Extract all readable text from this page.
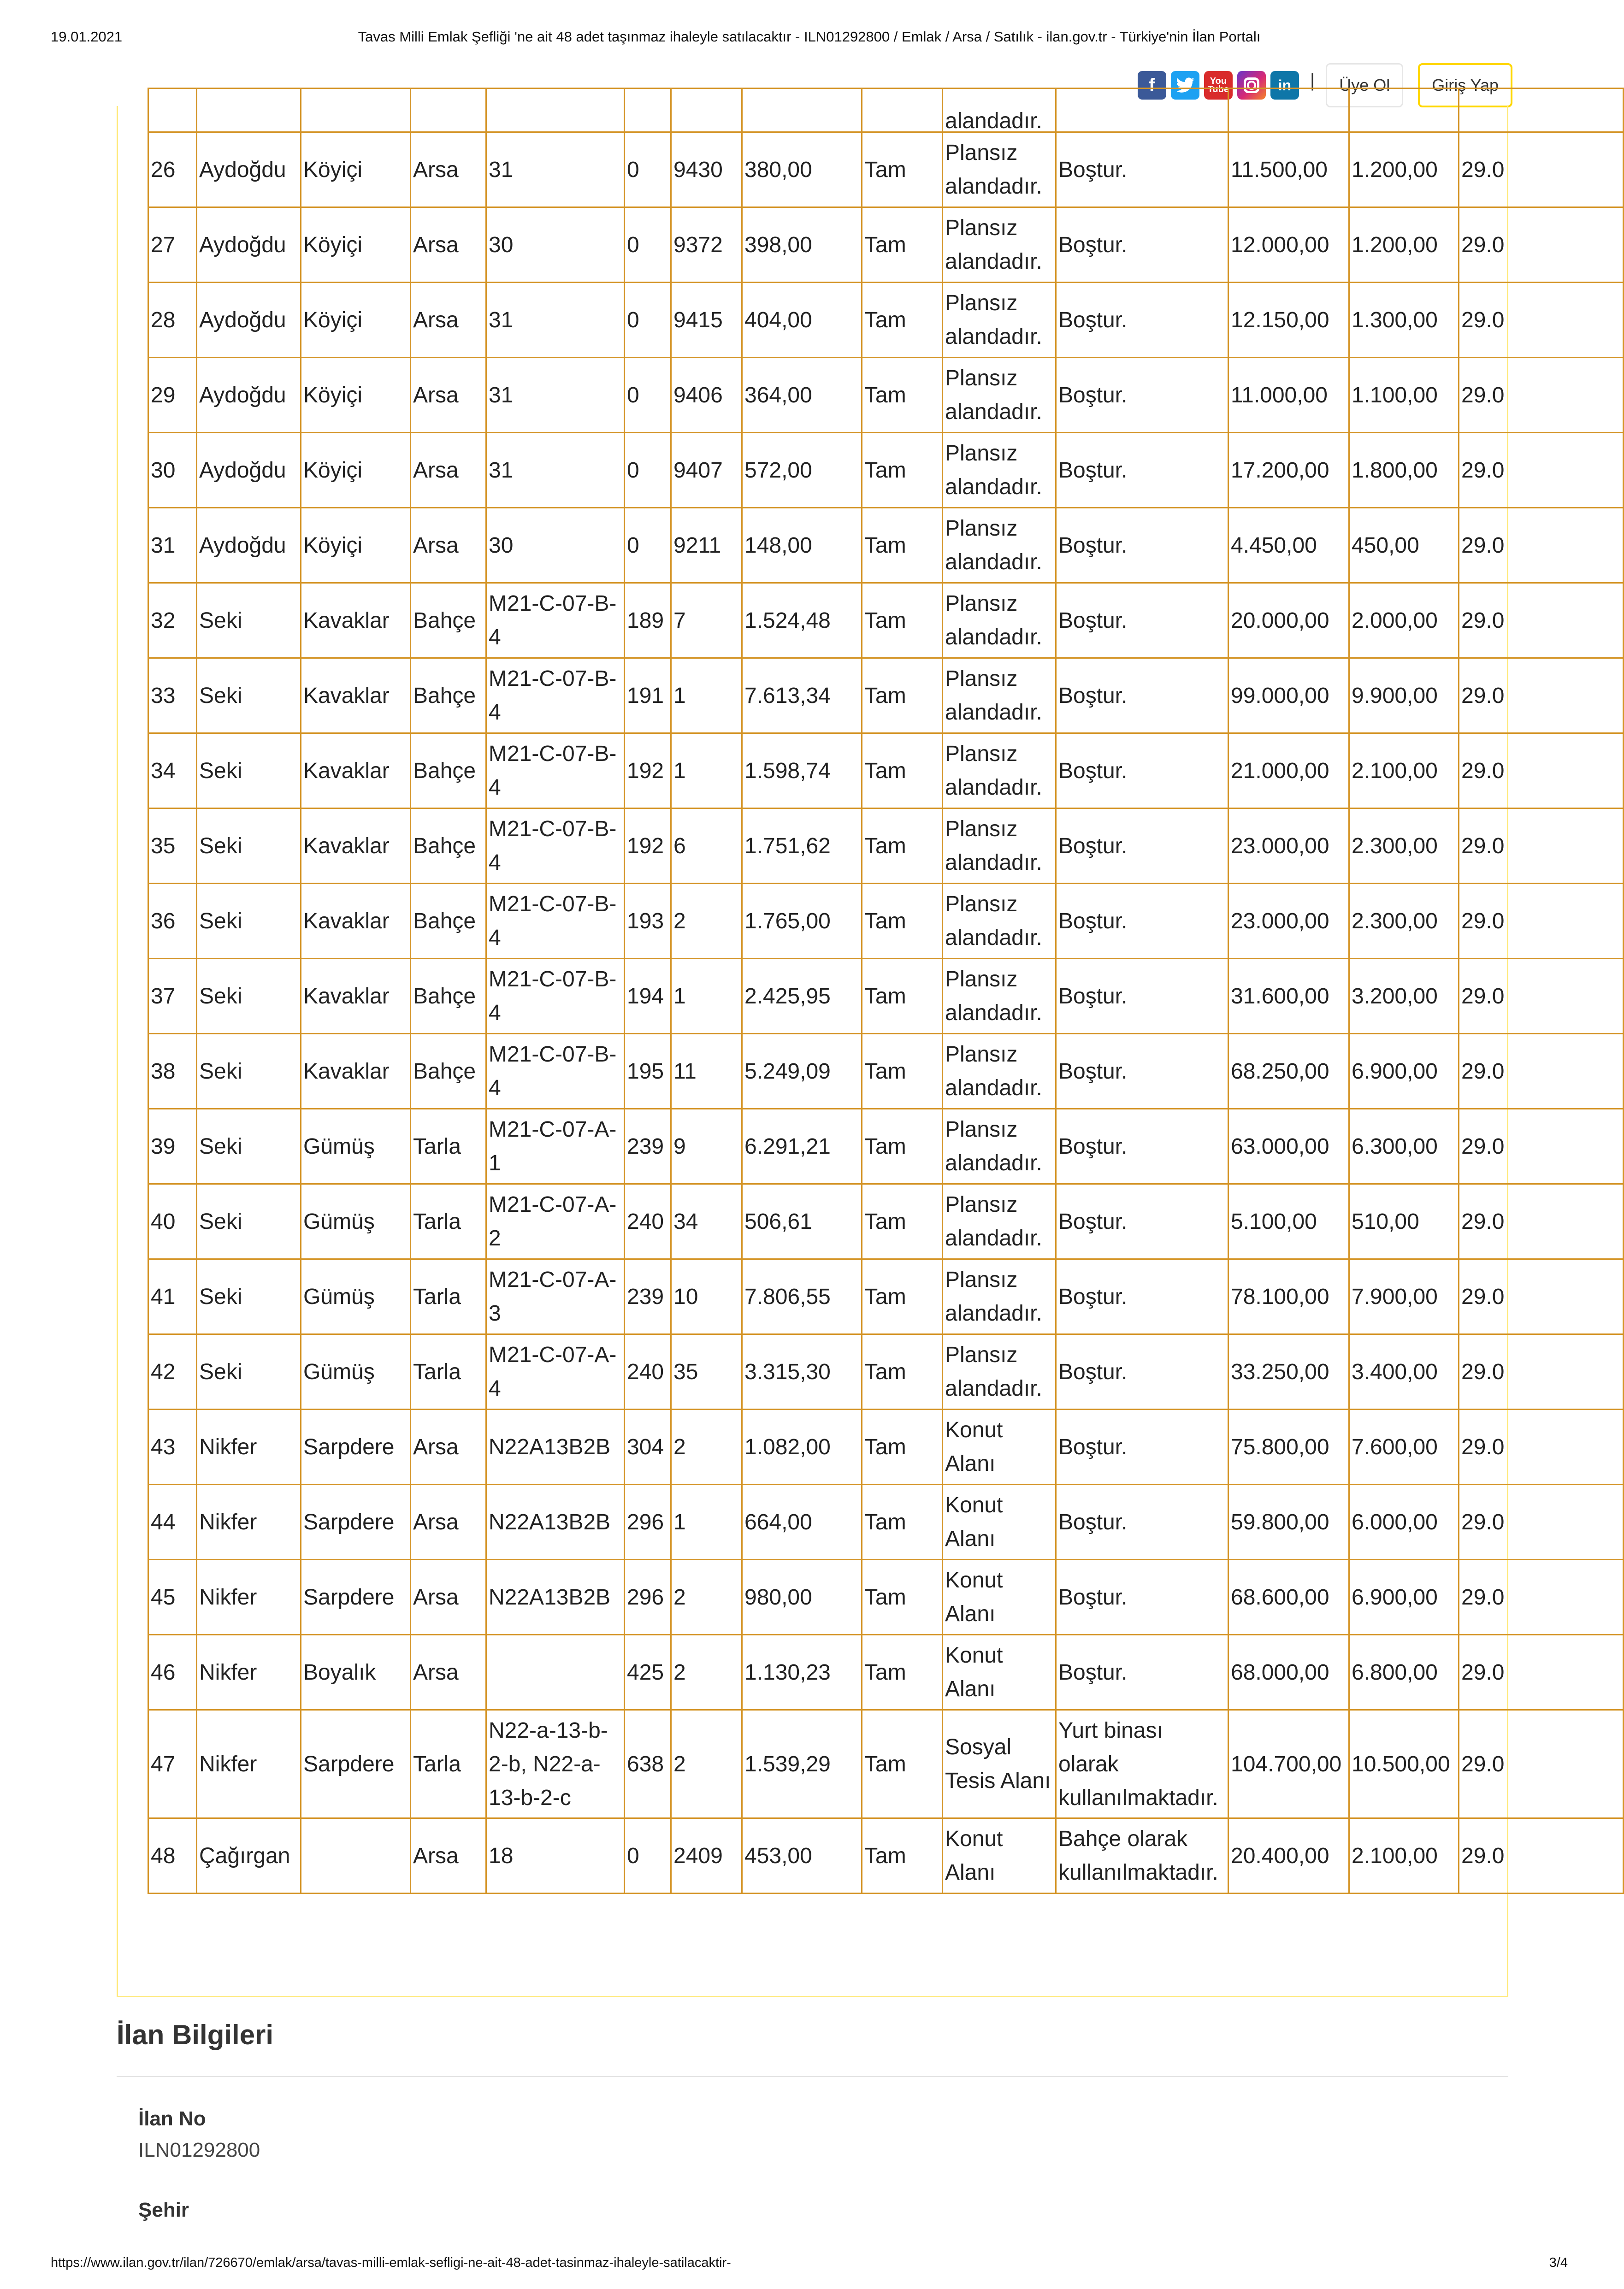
19.01.2021	Tavas Milli Emlak Şefliği 'ne ait 48 adet taşınmaz ihaleyle satılacaktır - ILN01292800 / Emlak / Arsa / Satılık - ilan.gov.tr - Türkiye'nin İlan Portalı
f	You
Tube	in |	Üye Ol	Giriş Yap
									alandadır.				
26	Aydoğdu	Köyiçi	Arsa	31	0	9430	380,00	Tam	Plansız alandadır.	Boştur.	11.500,00	1.200,00	29.0
27	Aydoğdu	Köyiçi	Arsa	30	0	9372	398,00	Tam	Plansız alandadır.	Boştur.	12.000,00	1.200,00	29.0
28	Aydoğdu	Köyiçi	Arsa	31	0	9415	404,00	Tam	Plansız alandadır.	Boştur.	12.150,00	1.300,00	29.0
29	Aydoğdu	Köyiçi	Arsa	31	0	9406	364,00	Tam	Plansız alandadır.	Boştur.	11.000,00	1.100,00	29.0
30	Aydoğdu	Köyiçi	Arsa	31	0	9407	572,00	Tam	Plansız alandadır.	Boştur.	17.200,00	1.800,00	29.0
31	Aydoğdu	Köyiçi	Arsa	30	0	9211	148,00	Tam	Plansız alandadır.	Boştur.	4.450,00	450,00	29.0
32	Seki	Kavaklar	Bahçe	M21-C-07-B-4	189	7	1.524,48	Tam	Plansız alandadır.	Boştur.	20.000,00	2.000,00	29.0
33	Seki	Kavaklar	Bahçe	M21-C-07-B-4	191	1	7.613,34	Tam	Plansız alandadır.	Boştur.	99.000,00	9.900,00	29.0
34	Seki	Kavaklar	Bahçe	M21-C-07-B-4	192	1	1.598,74	Tam	Plansız alandadır.	Boştur.	21.000,00	2.100,00	29.0
35	Seki	Kavaklar	Bahçe	M21-C-07-B-4	192	6	1.751,62	Tam	Plansız alandadır.	Boştur.	23.000,00	2.300,00	29.0
36	Seki	Kavaklar	Bahçe	M21-C-07-B-4	193	2	1.765,00	Tam	Plansız alandadır.	Boştur.	23.000,00	2.300,00	29.0
37	Seki	Kavaklar	Bahçe	M21-C-07-B-4	194	1	2.425,95	Tam	Plansız alandadır.	Boştur.	31.600,00	3.200,00	29.0
38	Seki	Kavaklar	Bahçe	M21-C-07-B-4	195	11	5.249,09	Tam	Plansız alandadır.	Boştur.	68.250,00	6.900,00	29.0
39	Seki	Gümüş	Tarla	M21-C-07-A-1	239	9	6.291,21	Tam	Plansız alandadır.	Boştur.	63.000,00	6.300,00	29.0
40	Seki	Gümüş	Tarla	M21-C-07-A-2	240	34	506,61	Tam	Plansız alandadır.	Boştur.	5.100,00	510,00	29.0
41	Seki	Gümüş	Tarla	M21-C-07-A-3	239	10	7.806,55	Tam	Plansız alandadır.	Boştur.	78.100,00	7.900,00	29.0
42	Seki	Gümüş	Tarla	M21-C-07-A-4	240	35	3.315,30	Tam	Plansız alandadır.	Boştur.	33.250,00	3.400,00	29.0
43	Nikfer	Sarpdere	Arsa	N22A13B2B	304	2	1.082,00	Tam	Konut Alanı	Boştur.	75.800,00	7.600,00	29.0
44	Nikfer	Sarpdere	Arsa	N22A13B2B	296	1	664,00	Tam	Konut Alanı	Boştur.	59.800,00	6.000,00	29.0
45	Nikfer	Sarpdere	Arsa	N22A13B2B	296	2	980,00	Tam	Konut Alanı	Boştur.	68.600,00	6.900,00	29.0
46	Nikfer	Boyalık	Arsa		425	2	1.130,23	Tam	Konut Alanı	Boştur.	68.000,00	6.800,00	29.0
47	Nikfer	Sarpdere	Tarla	N22-a-13-b-2-b, N22-a-13-b-2-c	638	2	1.539,29	Tam	Sosyal Tesis Alanı	Yurt binası olarak kullanılmaktadır.	104.700,00	10.500,00	29.0
48	Çağırgan		Arsa	18	0	2409	453,00	Tam	Konut Alanı	Bahçe olarak kullanılmaktadır.	20.400,00	2.100,00	29.0
İlan Bilgileri
İlan No
ILN01292800
Şehir
https://www.ilan.gov.tr/ilan/726670/emlak/arsa/tavas-milli-emlak-sefligi-ne-ait-48-adet-tasinmaz-ihaleyle-satilacaktir-	3/4
